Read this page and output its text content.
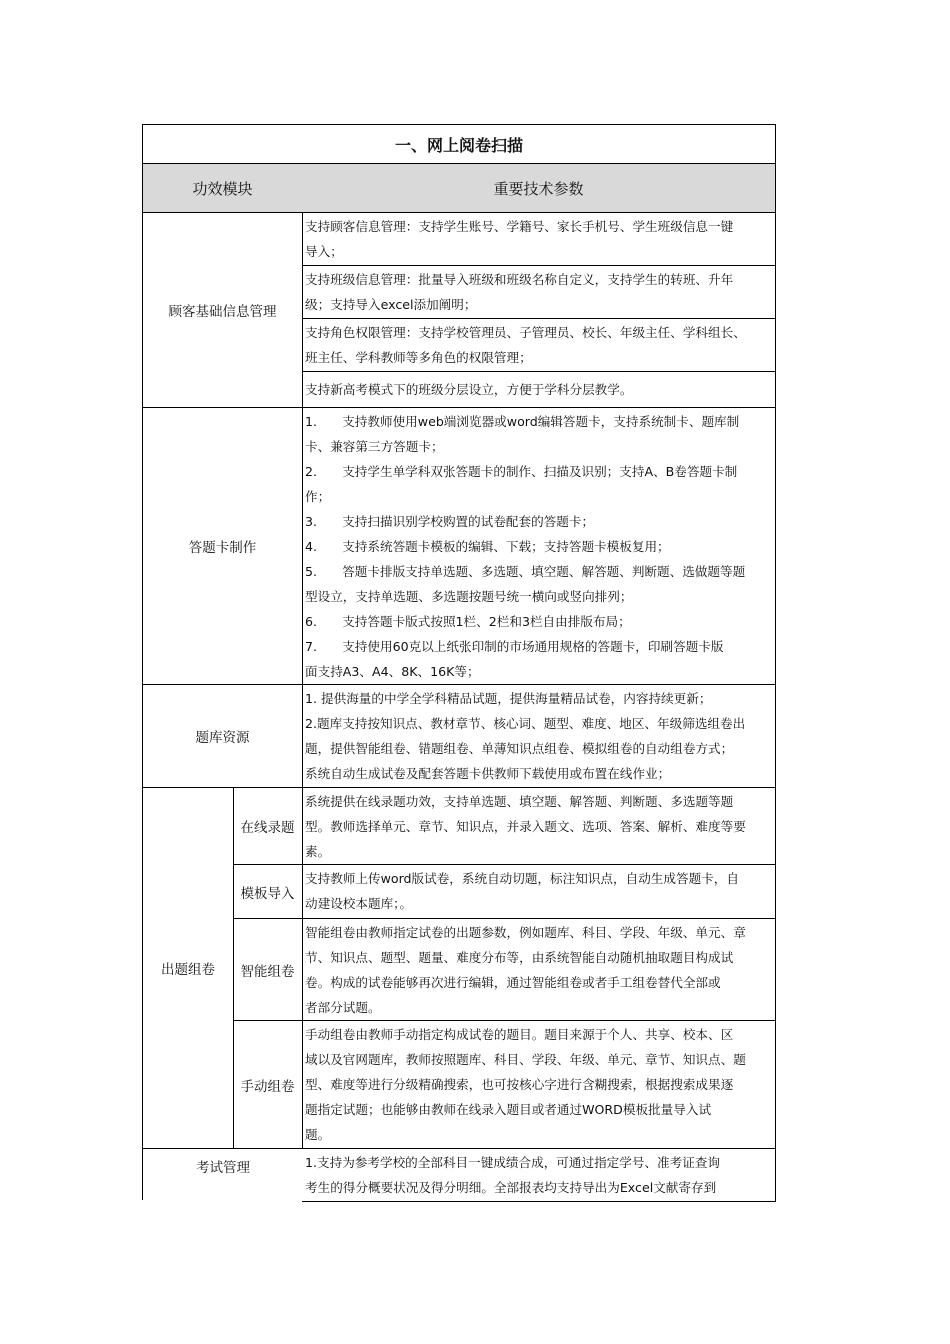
一、网上阅卷扫描
功效模块	重要技术参数
顾客基础信息管理
支持顾客信息管理：支持学生账号、学籍号、家长手机号、学生班级信息一键
导入；
支持班级信息管理：批量导入班级和班级名称自定义，支持学生的转班、升年
级；支持导入excel添加阐明；
支持角色权限管理：支持学校管理员、子管理员、校长、年级主任、学科组长、
班主任、学科教师等多角色的权限管理；
支持新高考模式下的班级分层设立，方便于学科分层教学。
答题卡制作
1.　　支持教师使用web端浏览器或word编辑答题卡，支持系统制卡、题库制
卡、兼容第三方答题卡；
2.　　支持学生单学科双张答题卡的制作、扫描及识别；支持A、B卷答题卡制
作；
3.　　支持扫描识别学校购置的试卷配套的答题卡；
4.　　支持系统答题卡模板的编辑、下载；支持答题卡模板复用；
5.　　答题卡排版支持单选题、多选题、填空题、解答题、判断题、选做题等题
型设立，支持单选题、多选题按题号统一横向或竖向排列；
6.　　支持答题卡版式按照1栏、2栏和3栏自由排版布局；
7.　　支持使用60克以上纸张印制的市场通用规格的答题卡，印刷答题卡版
面支持A3、A4、8K、16K等；
题库资源
1. 提供海量的中学全学科精品试题，提供海量精品试卷，内容持续更新；
2.题库支持按知识点、教材章节、核心词、题型、难度、地区、年级筛选组卷出
题，提供智能组卷、错题组卷、单薄知识点组卷、模拟组卷的自动组卷方式；
系统自动生成试卷及配套答题卡供教师下载使用或布置在线作业；
出题组卷
在线录题
系统提供在线录题功效，支持单选题、填空题、解答题、判断题、多选题等题
型。教师选择单元、章节、知识点，并录入题文、选项、答案、解析、难度等要
素。
模板导入
支持教师上传word版试卷，系统自动切题，标注知识点，自动生成答题卡，自
动建设校本题库；。
智能组卷
智能组卷由教师指定试卷的出题参数，例如题库、科目、学段、年级、单元、章
节、知识点、题型、题量、难度分布等，由系统智能自动随机抽取题目构成试
卷。构成的试卷能够再次进行编辑，通过智能组卷或者手工组卷替代全部或
者部分试题。
手动组卷
手动组卷由教师手动指定构成试卷的题目。题目来源于个人、共享、校本、区
域以及官网题库，教师按照题库、科目、学段、年级、单元、章节、知识点、题
型、难度等进行分级精确搜索，也可按核心字进行含糊搜索，根据搜索成果逐
题指定试题；也能够由教师在线录入题目或者通过WORD模板批量导入试
题。
考试管理	1.支持为参考学校的全部科目一键成绩合成，可通过指定学号、准考证查询
考生的得分概要状况及得分明细。全部报表均支持导出为Excel文献寄存到
